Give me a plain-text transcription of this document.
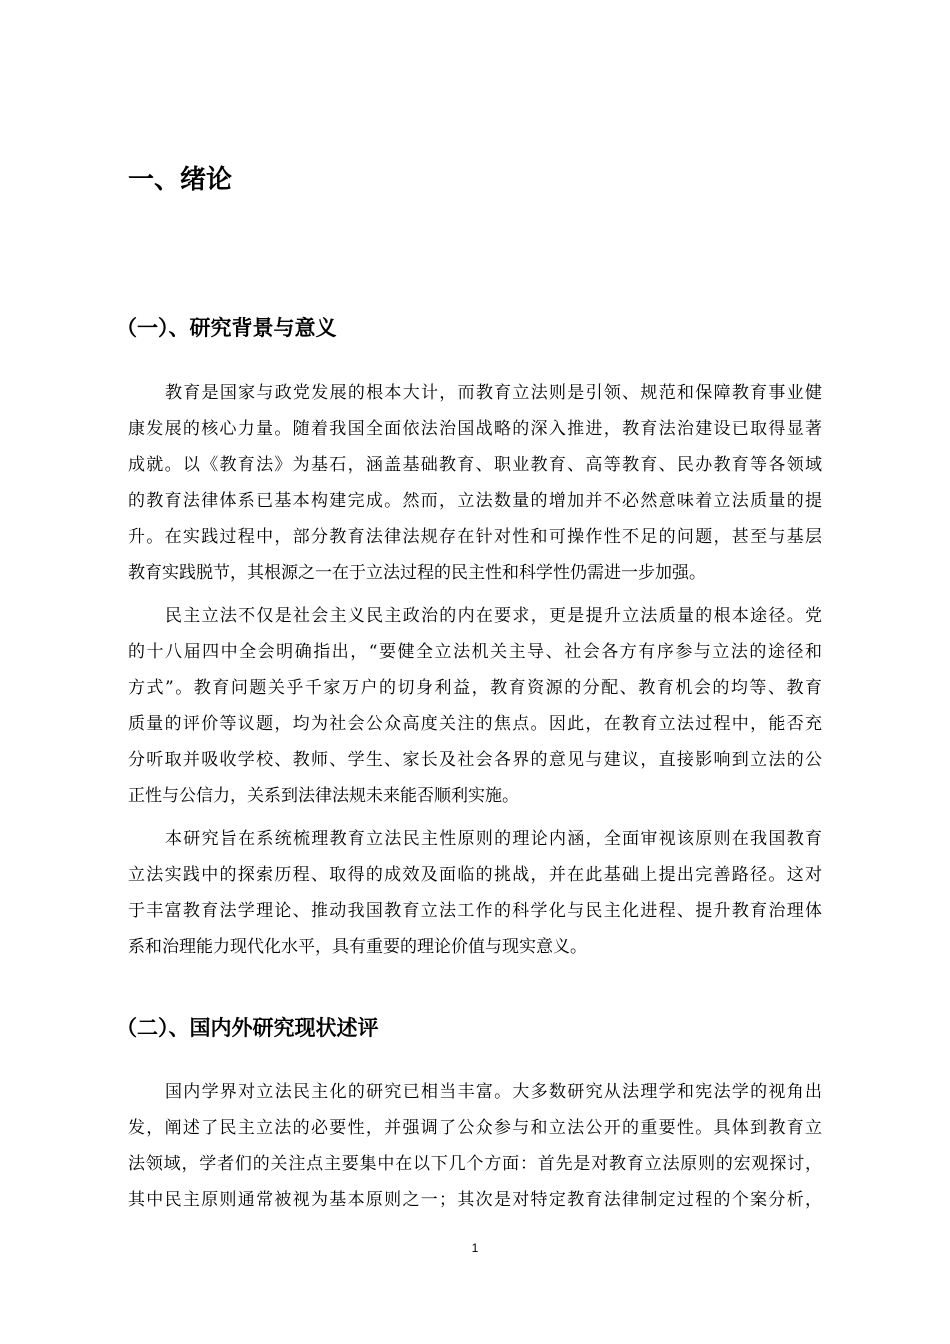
一、绪论
（一）、研究背景与意义
教育是国家与政党发展的根本大计，而教育立法则是引领、规范和保障教育事业健
康发展的核心力量。随着我国全面依法治国战略的深入推进，教育法治建设已取得显著
成就。以《教育法》为基石，涵盖基础教育、职业教育、高等教育、民办教育等各领域
的教育法律体系已基本构建完成。然而，立法数量的增加并不必然意味着立法质量的提
升。在实践过程中，部分教育法律法规存在针对性和可操作性不足的问题，甚至与基层
教育实践脱节，其根源之一在于立法过程的民主性和科学性仍需进一步加强。
民主立法不仅是社会主义民主政治的内在要求，更是提升立法质量的根本途径。党
的十八届四中全会明确指出，“要健全立法机关主导、社会各方有序参与立法的途径和
方式”。教育问题关乎千家万户的切身利益，教育资源的分配、教育机会的均等、教育
质量的评价等议题，均为社会公众高度关注的焦点。因此，在教育立法过程中，能否充
分听取并吸收学校、教师、学生、家长及社会各界的意见与建议，直接影响到立法的公
正性与公信力，关系到法律法规未来能否顺利实施。
本研究旨在系统梳理教育立法民主性原则的理论内涵，全面审视该原则在我国教育
立法实践中的探索历程、取得的成效及面临的挑战，并在此基础上提出完善路径。这对
于丰富教育法学理论、推动我国教育立法工作的科学化与民主化进程、提升教育治理体
系和治理能力现代化水平，具有重要的理论价值与现实意义。
（二）、国内外研究现状述评
国内学界对立法民主化的研究已相当丰富。大多数研究从法理学和宪法学的视角出
发，阐述了民主立法的必要性，并强调了公众参与和立法公开的重要性。具体到教育立
法领域，学者们的关注点主要集中在以下几个方面：首先是对教育立法原则的宏观探讨，
其中民主原则通常被视为基本原则之一；其次是对特定教育法律制定过程的个案分析，
1
